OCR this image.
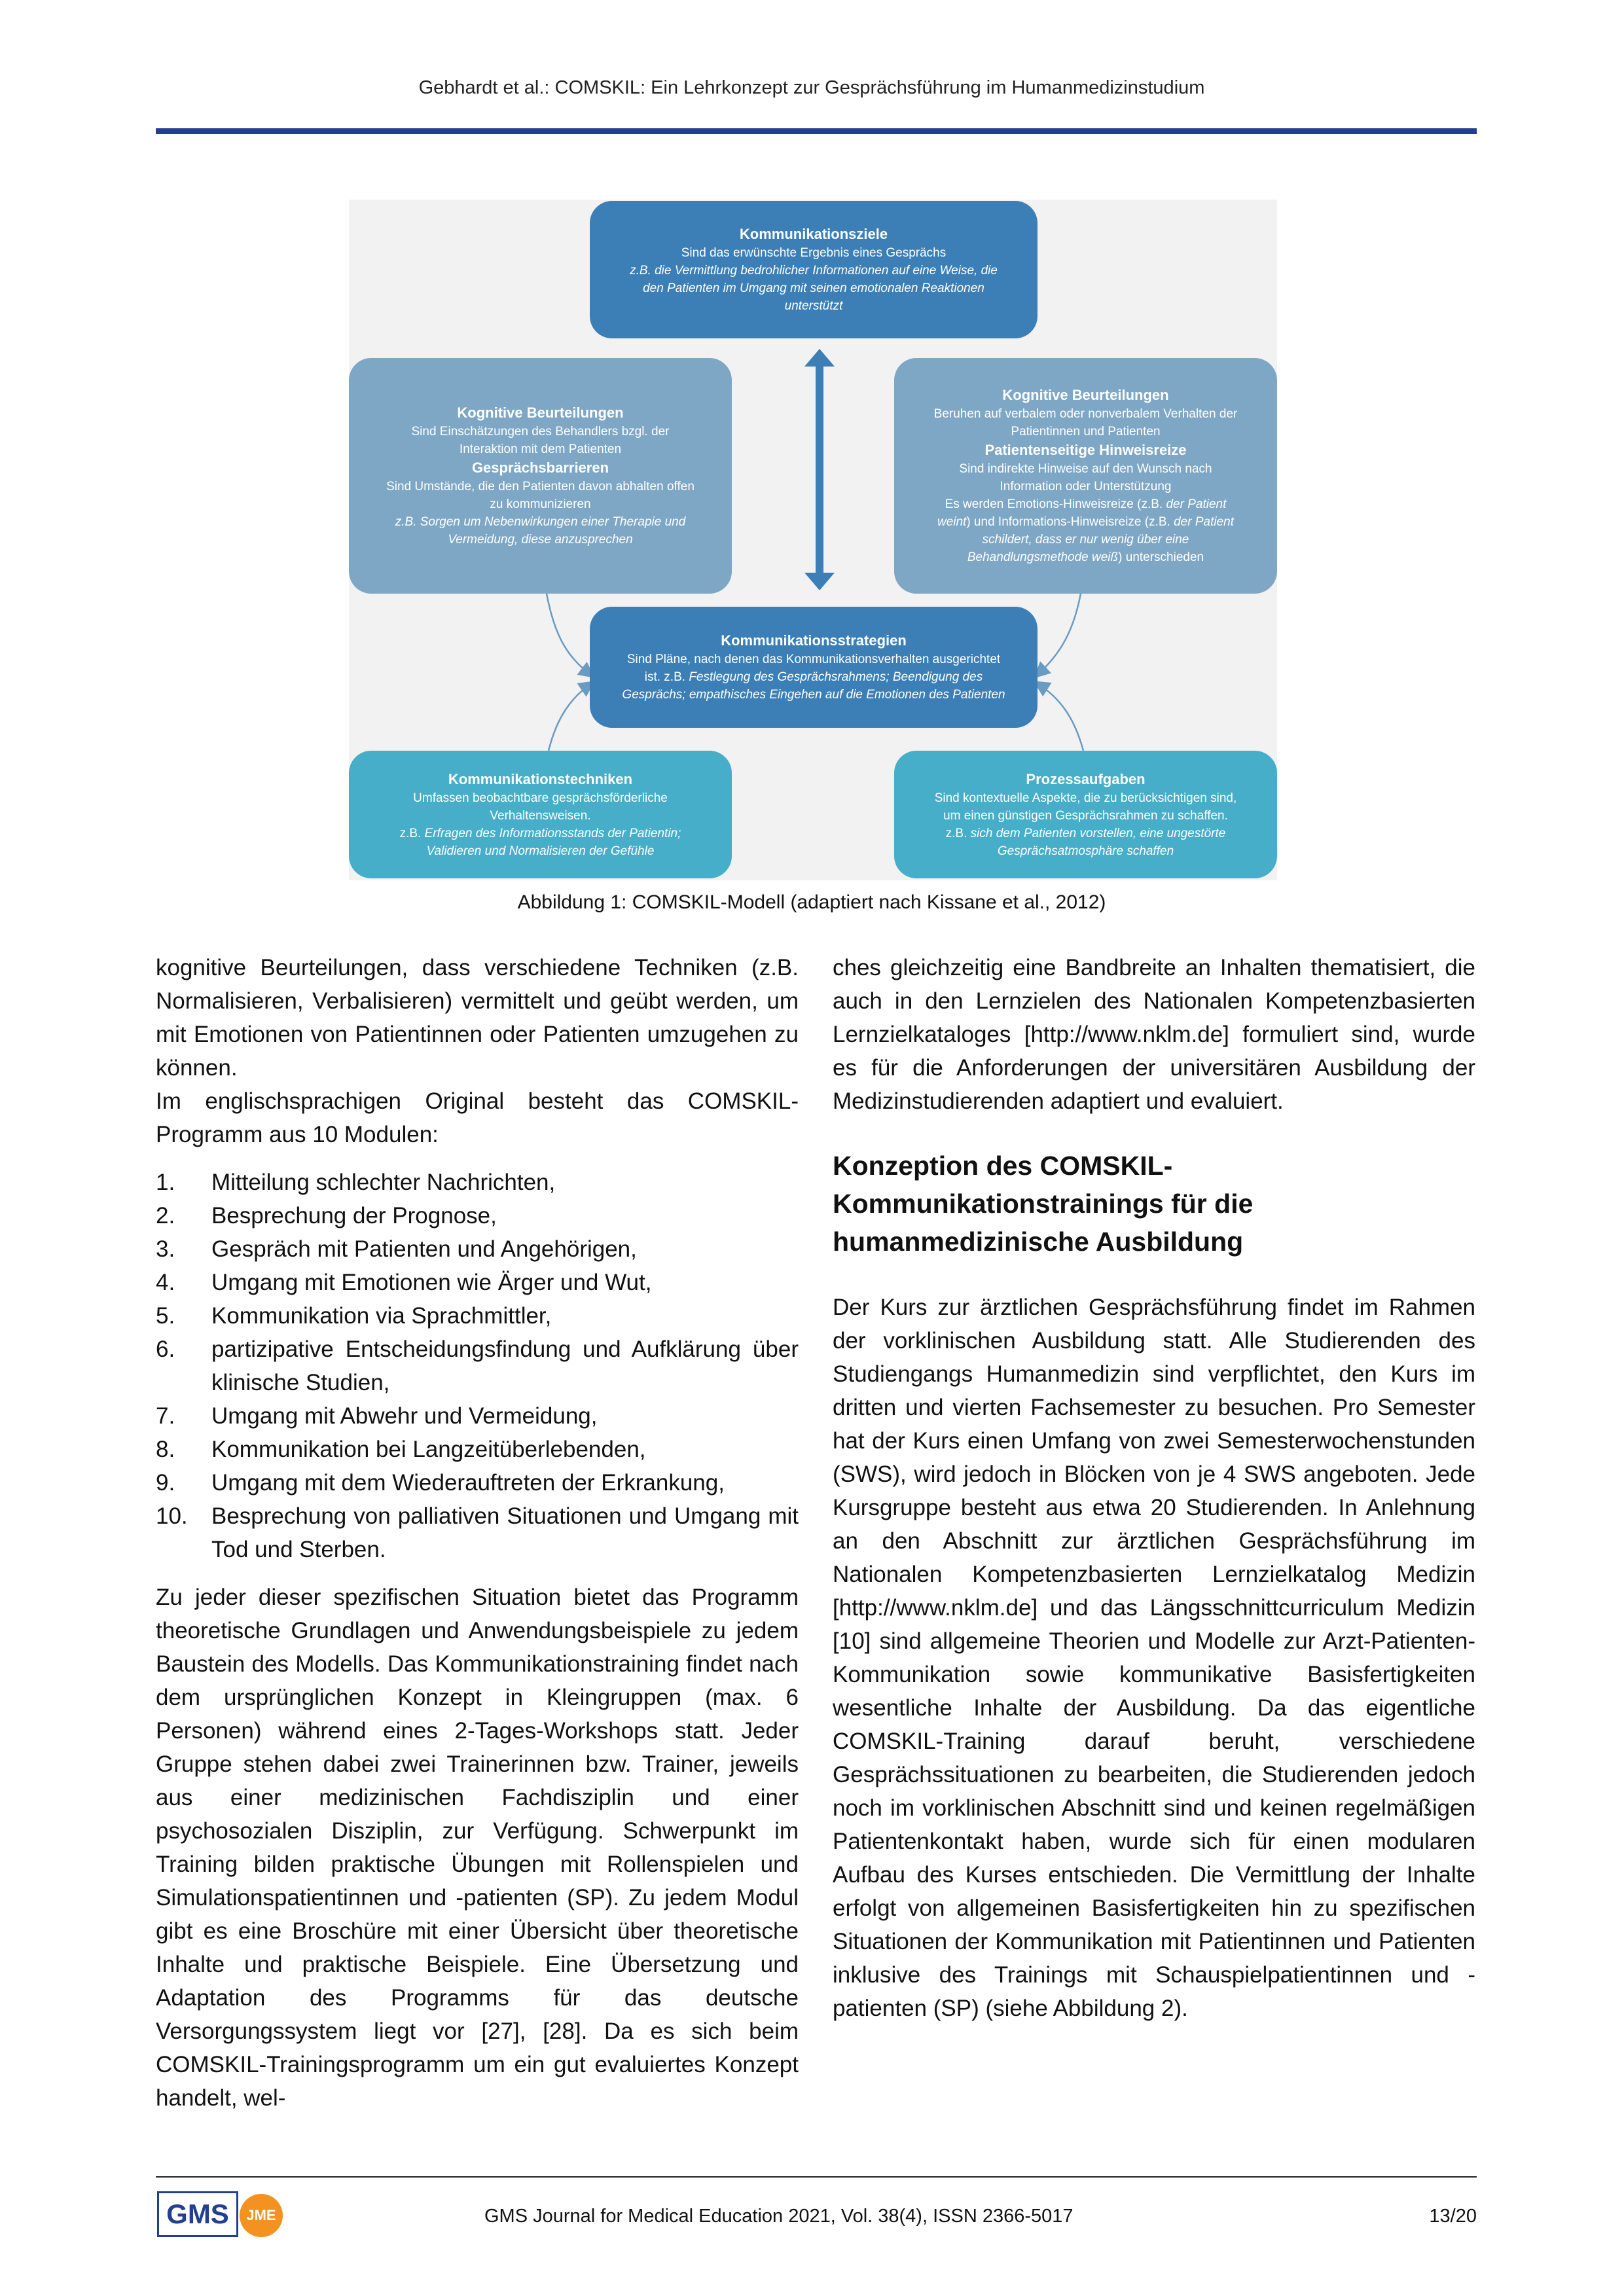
Gebhardt et al.: COMSKIL: Ein Lehrkonzept zur Gesprächsführung im Humanmedizinstudium
Kommunikationsziele
Sind das erwünschte Ergebnis eines Gesprächs
z.B. die Vermittlung bedrohlicher Informationen auf eine Weise, die
den Patienten im Umgang mit seinen emotionalen Reaktionen
unterstützt
Kognitive Beurteilungen
Sind Einschätzungen des Behandlers bzgl. der
Interaktion mit dem Patienten
Gesprächsbarrieren
Sind Umstände, die den Patienten davon abhalten offen
zu kommunizieren
z.B. Sorgen um Nebenwirkungen einer Therapie und
Vermeidung, diese anzusprechen
Kognitive Beurteilungen
Beruhen auf verbalem oder nonverbalem Verhalten der
Patientinnen und Patienten
Patientenseitige Hinweisreize
Sind indirekte Hinweise auf den Wunsch nach
Information oder Unterstützung
Es werden Emotions-Hinweisreize (z.B. der Patient
weint) und Informations-Hinweisreize (z.B. der Patient
schildert, dass er nur wenig über eine
Behandlungsmethode weiß) unterschieden
Kommunikationsstrategien
Sind Pläne, nach denen das Kommunikationsverhalten ausgerichtet
ist. z.B. Festlegung des Gesprächsrahmens; Beendigung des
Gesprächs; empathisches Eingehen auf die Emotionen des Patienten
Kommunikationstechniken
Umfassen beobachtbare gesprächsförderliche
Verhaltensweisen.
z.B. Erfragen des Informationsstands der Patientin;
Validieren und Normalisieren der Gefühle
Prozessaufgaben
Sind kontextuelle Aspekte, die zu berücksichtigen sind,
um einen günstigen Gesprächsrahmen zu schaffen.
z.B. sich dem Patienten vorstellen, eine ungestörte
Gesprächsatmosphäre schaffen
Abbildung 1: COMSKIL-Modell (adaptiert nach Kissane et al., 2012)

kognitive Beurteilungen, dass verschiedene Techniken (z.B. Normalisieren, Verbalisieren) vermittelt und geübt werden, um mit Emotionen von Patientinnen oder Patienten umzugehen zu können.

Im englischsprachigen Original besteht das COMSKIL-Programm aus 10 Modulen:

1. Mitteilung schlechter Nachrichten,
2. Besprechung der Prognose,
3. Gespräch mit Patienten und Angehörigen,
4. Umgang mit Emotionen wie Ärger und Wut,
5. Kommunikation via Sprachmittler,
6. partizipative Entscheidungsfindung und Aufklärung über klinische Studien,
7. Umgang mit Abwehr und Vermeidung,
8. Kommunikation bei Langzeitüberlebenden,
9. Umgang mit dem Wiederauftreten der Erkrankung,
10. Besprechung von palliativen Situationen und Umgang mit Tod und Sterben.

Zu jeder dieser spezifischen Situation bietet das Programm theoretische Grundlagen und Anwendungsbeispiele zu jedem Baustein des Modells. Das Kommunikationstraining findet nach dem ursprünglichen Konzept in Kleingruppen (max. 6 Personen) während eines 2-Tages-Workshops statt. Jeder Gruppe stehen dabei zwei Trainerinnen bzw. Trainer, jeweils aus einer medizinischen Fachdisziplin und einer psychosozialen Disziplin, zur Verfügung. Schwerpunkt im Training bilden praktische Übungen mit Rollenspielen und Simulationspatientinnen und -patienten (SP). Zu jedem Modul gibt es eine Broschüre mit einer Übersicht über theoretische Inhalte und praktische Beispiele. Eine Übersetzung und Adaptation des Programms für das deutsche Versorgungssystem liegt vor [27], [28]. Da es sich beim COMSKIL-Trainingsprogramm um ein gut evaluiertes Konzept handelt, wel-

ches gleichzeitig eine Bandbreite an Inhalten thematisiert, die auch in den Lernzielen des Nationalen Kompetenzbasierten Lernzielkataloges [http://www.nklm.de] formuliert sind, wurde es für die Anforderungen der universitären Ausbildung der Medizinstudierenden adaptiert und evaluiert.

Konzeption des COMSKIL-Kommunikationstrainings für die humanmedizinische Ausbildung

Der Kurs zur ärztlichen Gesprächsführung findet im Rahmen der vorklinischen Ausbildung statt. Alle Studierenden des Studiengangs Humanmedizin sind verpflichtet, den Kurs im dritten und vierten Fachsemester zu besuchen. Pro Semester hat der Kurs einen Umfang von zwei Semesterwochenstunden (SWS), wird jedoch in Blöcken von je 4 SWS angeboten. Jede Kursgruppe besteht aus etwa 20 Studierenden. In Anlehnung an den Abschnitt zur ärztlichen Gesprächsführung im Nationalen Kompetenzbasierten Lernzielkatalog Medizin [http://www.nklm.de] und das Längsschnittcurriculum Medizin [10] sind allgemeine Theorien und Modelle zur Arzt-Patienten-Kommunikation sowie kommunikative Basisfertigkeiten wesentliche Inhalte der Ausbildung. Da das eigentliche COMSKIL-Training darauf beruht, verschiedene Gesprächssituationen zu bearbeiten, die Studierenden jedoch noch im vorklinischen Abschnitt sind und keinen regelmäßigen Patientenkontakt haben, wurde sich für einen modularen Aufbau des Kurses entschieden. Die Vermittlung der Inhalte erfolgt von allgemeinen Basisfertigkeiten hin zu spezifischen Situationen der Kommunikation mit Patientinnen und Patienten inklusive des Trainings mit Schauspielpatientinnen und -patienten (SP) (siehe Abbildung 2).

GMS	JME	GMS Journal for Medical Education 2021, Vol. 38(4), ISSN 2366-5017	13/20
